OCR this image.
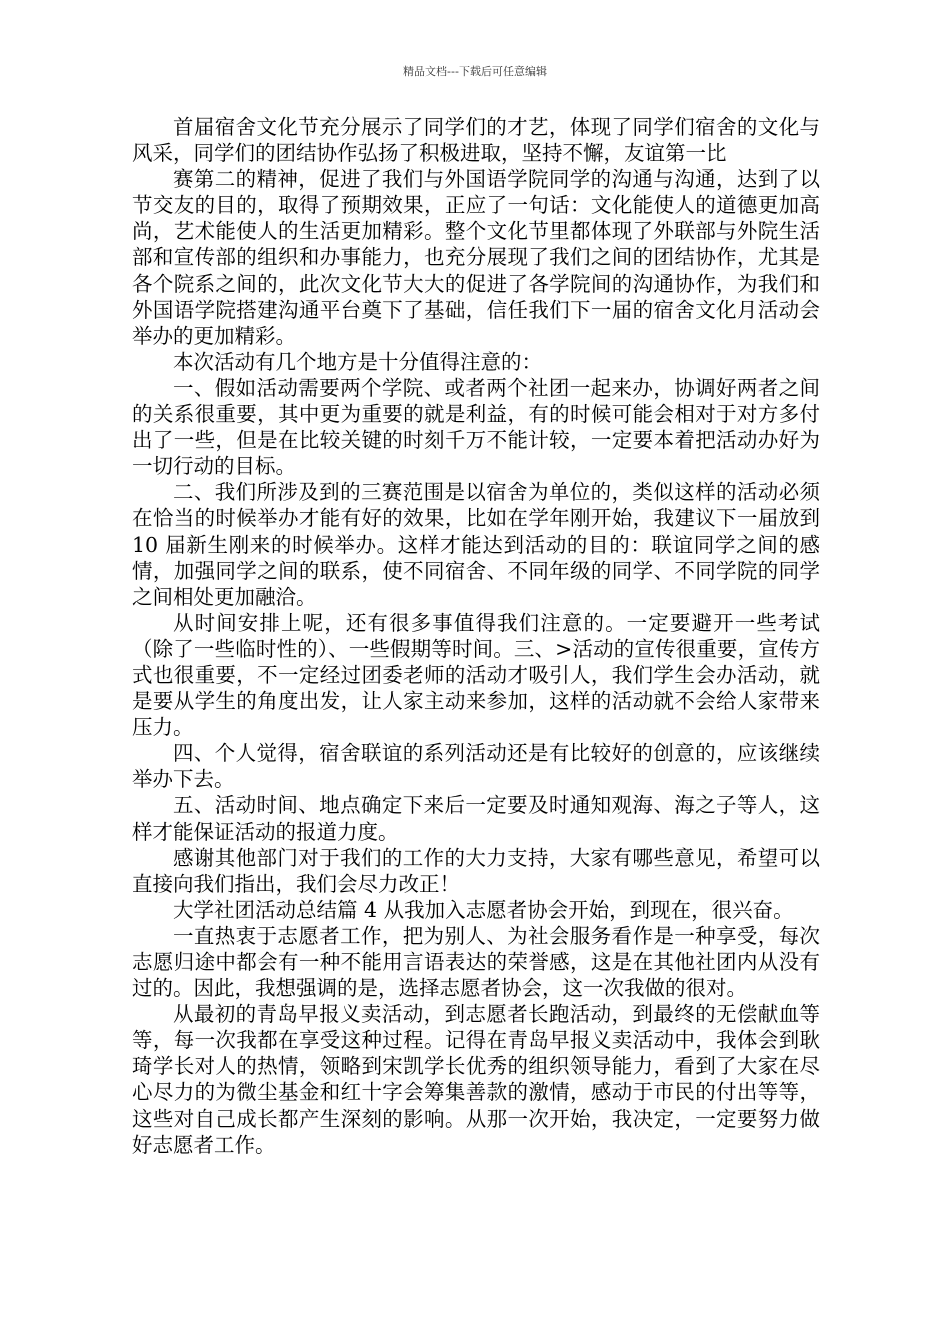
精品文档---下载后可任意编辑

首届宿舍文化节充分展示了同学们的才艺，体现了同学们宿舍的文化与风采，同学们的团结协作弘扬了积极进取，坚持不懈，友谊第一比

赛第二的精神，促进了我们与外国语学院同学的沟通与沟通，达到了以节交友的目的，取得了预期效果，正应了一句话：文化能使人的道德更加高尚，艺术能使人的生活更加精彩。整个文化节里都体现了外联部与外院生活部和宣传部的组织和办事能力，也充分展现了我们之间的团结协作，尤其是各个院系之间的，此次文化节大大的促进了各学院间的沟通协作，为我们和外国语学院搭建沟通平台奠下了基础，信任我们下一届的宿舍文化月活动会举办的更加精彩。

本次活动有几个地方是十分值得注意的：

一、假如活动需要两个学院、或者两个社团一起来办，协调好两者之间的关系很重要，其中更为重要的就是利益，有的时候可能会相对于对方多付出了一些，但是在比较关键的时刻千万不能计较，一定要本着把活动办好为一切行动的目标。

二、我们所涉及到的三赛范围是以宿舍为单位的，类似这样的活动必须在恰当的时候举办才能有好的效果，比如在学年刚开始，我建议下一届放到 10 届新生刚来的时候举办。这样才能达到活动的目的：联谊同学之间的感情，加强同学之间的联系，使不同宿舍、不同年级的同学、不同学院的同学之间相处更加融洽。

从时间安排上呢，还有很多事值得我们注意的。一定要避开一些考试（除了一些临时性的）、一些假期等时间。三、>活动的宣传很重要，宣传方式也很重要，不一定经过团委老师的活动才吸引人，我们学生会办活动，就是要从学生的角度出发，让人家主动来参加，这样的活动就不会给人家带来压力。

四、个人觉得，宿舍联谊的系列活动还是有比较好的创意的，应该继续举办下去。

五、活动时间、地点确定下来后一定要及时通知观海、海之子等人，这样才能保证活动的报道力度。

感谢其他部门对于我们的工作的大力支持，大家有哪些意见，希望可以直接向我们指出，我们会尽力改正！

大学社团活动总结篇 4 从我加入志愿者协会开始，到现在，很兴奋。

一直热衷于志愿者工作，把为别人、为社会服务看作是一种享受，每次志愿归途中都会有一种不能用言语表达的荣誉感，这是在其他社团内从没有过的。因此，我想强调的是，选择志愿者协会，这一次我做的很对。

从最初的青岛早报义卖活动，到志愿者长跑活动，到最终的无偿献血等等，每一次我都在享受这种过程。记得在青岛早报义卖活动中，我体会到耿琦学长对人的热情，领略到宋凯学长优秀的组织领导能力，看到了大家在尽心尽力的为微尘基金和红十字会筹集善款的激情，感动于市民的付出等等，这些对自己成长都产生深刻的影响。从那一次开始，我决定，一定要努力做好志愿者工作。
